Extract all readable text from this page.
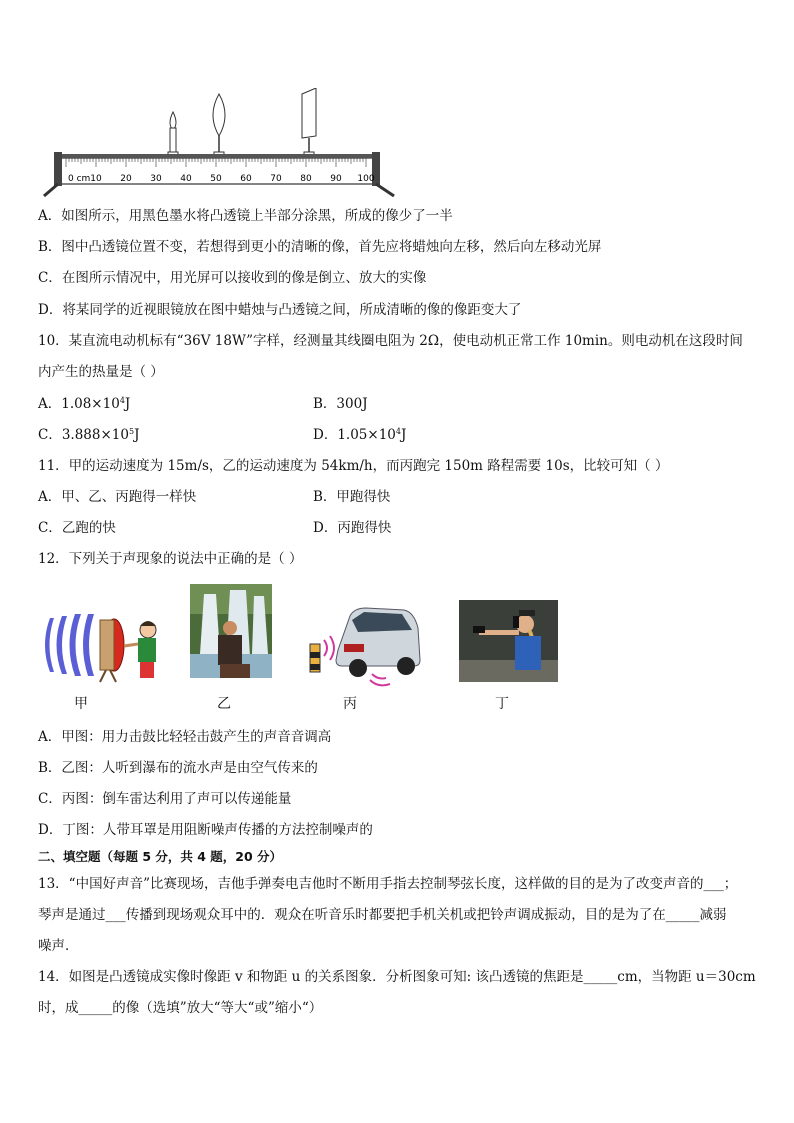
0 cm 10 20 30 40 50 60 70 80 90 100
A．如图所示，用黑色墨水将凸透镜上半部分涂黑，所成的像少了一半
B．图中凸透镜位置不变，若想得到更小的清晰的像，首先应将蜡烛向左移，然后向左移动光屏
C．在图所示情况中，用光屏可以接收到的像是倒立、放大的实像
D．将某同学的近视眼镜放在图中蜡烛与凸透镜之间，所成清晰的像的像距变大了
10．某直流电动机标有“36V 18W”字样，经测量其线圈电阻为 2Ω，使电动机正常工作 10min。则电动机在这段时间
内产生的热量是（ ）
A．$1.08\times 10^4J$	B．300J
C．$3.888\times 10^5J$	D．$1.05\times 10^4J$
11．甲的运动速度为 15m/s，乙的运动速度为 54km/h，而丙跑完 150m 路程需要 10s，比较可知（ ）
A．甲、乙、丙跑得一样快	B．甲跑得快
C．乙跑的快	D．丙跑得快
12．下列关于声现象的说法中正确的是（ ）
甲	乙	丙	丁
A．甲图：用力击鼓比轻轻击鼓产生的声音音调高
B．乙图：人听到瀑布的流水声是由空气传来的
C．丙图：倒车雷达利用了声可以传递能量
D．丁图：人带耳罩是用阻断噪声传播的方法控制噪声的
二、填空题（每题 5 分，共 4 题，20 分）
13．“中国好声音”比赛现场，吉他手弹奏电吉他时不断用手指去控制琴弦长度，这样做的目的是为了改变声音的___；
琴声是通过___传播到现场观众耳中的．观众在听音乐时都要把手机关机或把铃声调成振动，目的是为了在_____减弱
噪声．
14．如图是凸透镜成实像时像距 v 和物距 u 的关系图象．分析图象可知: 该凸透镜的焦距是_____cm，当物距 u＝30cm
时，成_____的像（选填”放大“等大“或”缩小“）
